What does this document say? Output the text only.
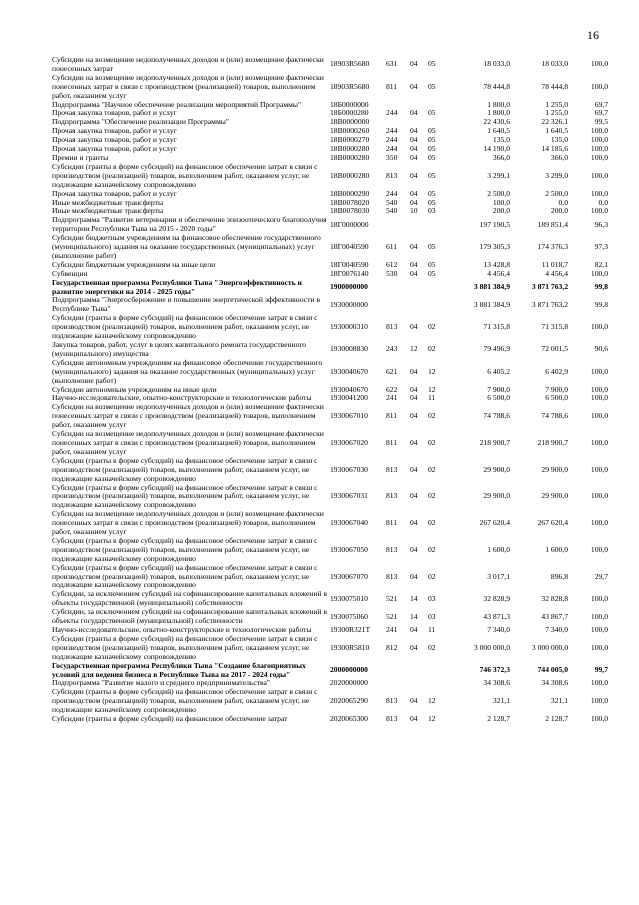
16
Субсидии на возмещение недополученных доходов и (или) возмещение фактически понесенных затрат	18903R5680	631	04	05	18 033,0	18 033,0	100,0
Субсидии на возмещение недополученных доходов и (или) возмещение фактически понесенных затрат в связи с производством (реализацией) товаров, выполнением работ, оказанием услуг	18903R5680	811	04	05	78 444,8	78 444,8	100,0
Подпрограмма "Научное обеспечение реализации мероприятий Программы"	18Б0000000				1 800,0	1 255,0	69,7
Прочая закупка товаров, работ и услуг	18Б0000280	244	04	05	1 800,0	1 255,0	69,7
Подпрограмма "Обеспечение реализации Программы"	18В0000000				22 430,6	22 326,1	99,5
Прочая закупка товаров, работ и услуг	18В0000260	244	04	05	1 640,5	1 640,5	100,0
Прочая закупка товаров, работ и услуг	18В0000270	244	04	05	135,0	135,0	100,0
Прочая закупка товаров, работ и услуг	18В0000280	244	04	05	14 190,0	14 185,6	100,0
Премии и гранты	18В0000280	350	04	05	366,0	366,0	100,0
Субсидии (гранты в форме субсидий) на финансовое обеспечение затрат в связи с производством (реализацией) товаров, выполнением работ, оказанием услуг, не подлежащие казначейскому сопровождению	18В0000280	813	04	05	3 299,1	3 299,0	100,0
Прочая закупка товаров, работ и услуг	18В0000290	244	04	05	2 500,0	2 500,0	100,0
Иные межбюджетные трансферты	18В0078020	540	04	05	100,0	0,0	0,0
Иные межбюджетные трансферты	18В0078030	540	10	03	200,0	200,0	100,0
Подпрограмма "Развитие ветеринарии и обеспечение эпизоотического благополучия территории Республики Тыва на 2015 - 2020 годы"	18Г0000000				197 190,5	189 851,4	96,3
Субсидии бюджетным учреждениям на финансовое обеспечение государственного (муниципального) задания на оказание государственных (муниципальных) услуг (выполнение работ)	18Г0040590	611	04	05	179 305,3	174 376,3	97,3
Субсидии бюджетным учреждениям на иные цели	18Г0040590	612	04	05	13 428,8	11 018,7	82,1
Субвенции	18Г0076140	530	04	05	4 456,4	4 456,4	100,0
Государственная программа Республики Тыва "Энергоэффективность и развитие энергетики на 2014 - 2025 годы"	1900000000				3 881 384,9	3 871 763,2	99,8
Подпрограмма "Энергосбережение и повышение энергетической эффективности в Республике Тыва"	1930000000				3 881 384,9	3 871 763,2	99,8
Субсидии (гранты в форме субсидий) на финансовое обеспечение затрат в связи с производством (реализацией) товаров, выполнением работ, оказанием услуг, не подлежащие казначейскому сопровождению	1930000310	813	04	02	71 315,8	71 315,8	100,0
Закупка товаров, работ, услуг в целях капитального ремонта государственного (муниципального) имущества	1930008830	243	12	02	79 496,9	72 001,5	90,6
Субсидии автономным учреждениям на финансовое обеспечение государственного (муниципального) задания на оказание государственных (муниципальных) услуг (выполнение работ)	1930040670	621	04	12	6 405,2	6 402,9	100,0
Субсидии автономным учреждениям на иные цели	1930040670	622	04	12	7 900,0	7 900,0	100,0
Научно-исследовательские, опытно-конструкторские и технологические работы	1930041200	241	04	11	6 500,0	6 500,0	100,0
Субсидии на возмещение недополученных доходов и (или) возмещение фактически понесенных затрат в связи с производством (реализацией) товаров, выполнением работ, оказанием услуг	1930067010	811	04	02	74 788,6	74 788,6	100,0
Субсидии на возмещение недополученных доходов и (или) возмещение фактически понесенных затрат в связи с производством (реализацией) товаров, выполнением работ, оказанием услуг	1930067020	811	04	02	218 900,7	218 900,7	100,0
Субсидии (гранты в форме субсидий) на финансовое обеспечение затрат в связи с производством (реализацией) товаров, выполнением работ, оказанием услуг, не подлежащие казначейскому сопровождению	1930067030	813	04	02	29 900,0	29 900,0	100,0
Субсидии (гранты в форме субсидий) на финансовое обеспечение затрат в связи с производством (реализацией) товаров, выполнением работ, оказанием услуг, не подлежащие казначейскому сопровождению	1930067031	813	04	02	29 900,0	29 900,0	100,0
Субсидии на возмещение недополученных доходов и (или) возмещение фактически понесенных затрат в связи с производством (реализацией) товаров, выполнением работ, оказанием услуг	1930067040	811	04	02	267 620,4	267 620,4	100,0
Субсидии (гранты в форме субсидий) на финансовое обеспечение затрат в связи с производством (реализацией) товаров, выполнением работ, оказанием услуг, не подлежащие казначейскому сопровождению	1930067050	813	04	02	1 600,0	1 600,0	100,0
Субсидии (гранты в форме субсидий) на финансовое обеспечение затрат в связи с производством (реализацией) товаров, выполнением работ, оказанием услуг, не подлежащие казначейскому сопровождению	1930067070	813	04	02	3 017,1	896,8	29,7
Субсидии, за исключением субсидий на софинансирование капитальных вложений в объекты государственной (муниципальной) собственности	1930075010	521	14	03	32 828,9	32 828,8	100,0
Субсидии, за исключением субсидий на софинансирование капитальных вложений в объекты государственной (муниципальной) собственности	1930075060	521	14	03	43 871,3	43 867,7	100,0
Научно-исследовательские, опытно-конструкторские и технологические работы	19300R321T	241	04	11	7 340,0	7 340,0	100,0
Субсидии (гранты в форме субсидий) на финансовое обеспечение затрат в связи с производством (реализацией) товаров, выполнением работ, оказанием услуг, не подлежащие казначейскому сопровождению	19300R5810	812	04	02	3 000 000,0	3 000 000,0	100,0
Государственная программа Республики Тыва "Создание благоприятных условий для ведения бизнеса в Республике Тыва на 2017 - 2024 годы"	2000000000				746 372,3	744 005,0	99,7
Подпрограмма "Развитие малого и среднего предпринимательства"	2020000000				34 308,6	34 308,6	100,0
Субсидии (гранты в форме субсидий) на финансовое обеспечение затрат в связи с производством (реализацией) товаров, выполнением работ, оказанием услуг, не подлежащие казначейскому сопровождению	2020065290	813	04	12	321,1	321,1	100,0
Субсидии (гранты в форме субсидий) на финансовое обеспечение затрат	2020065300	813	04	12	2 128,7	2 128,7	100,0
